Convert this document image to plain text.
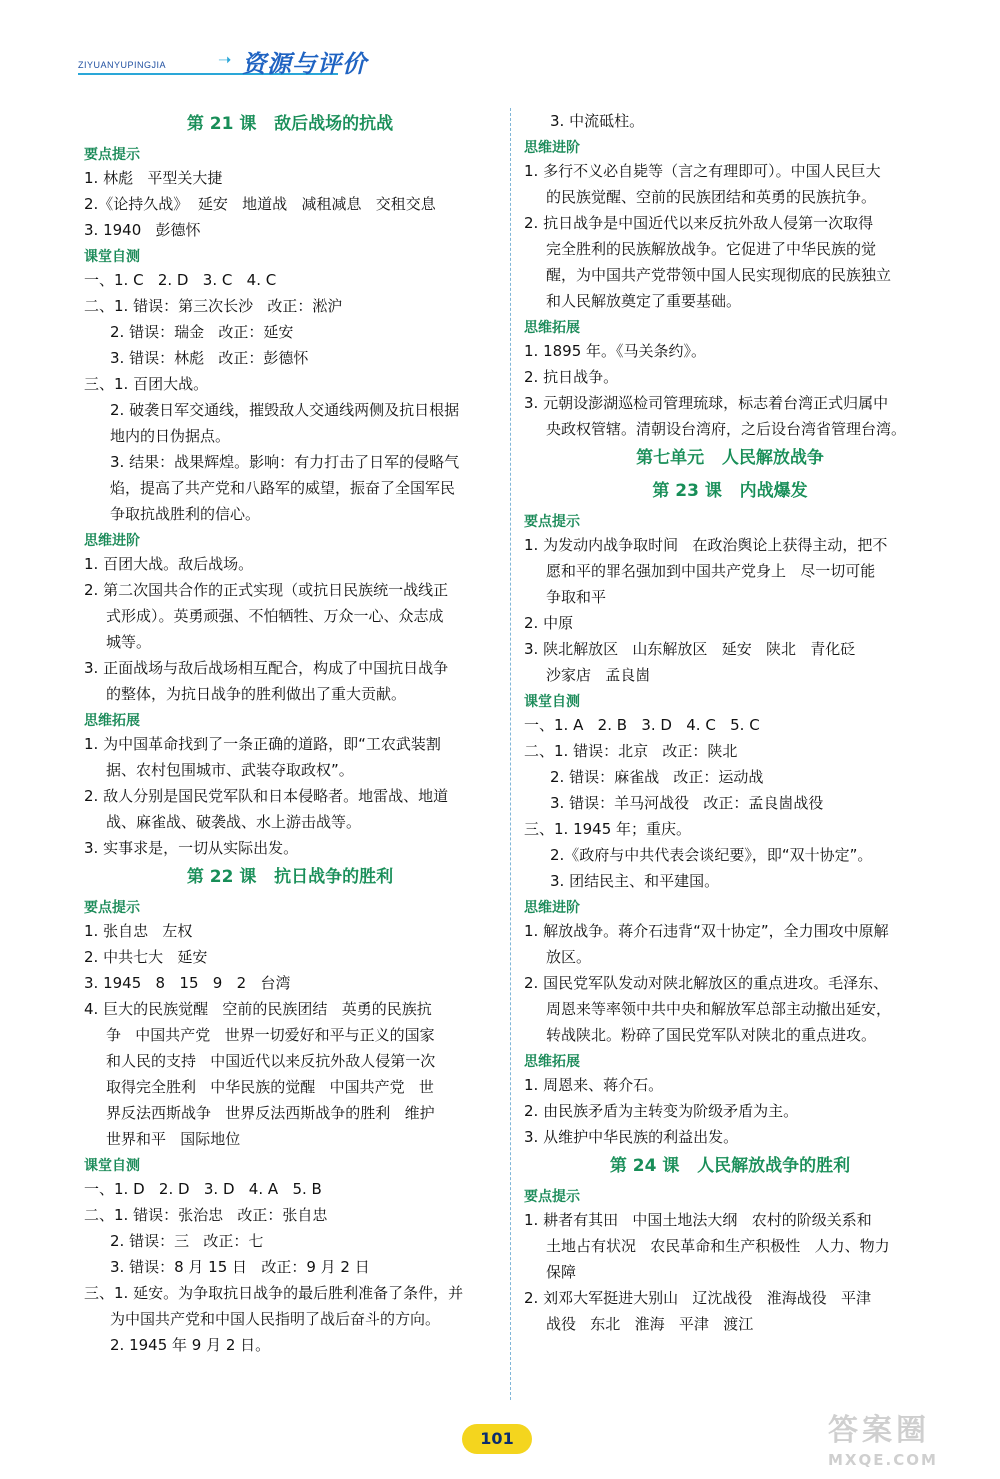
ZIYUANYUPINGJIA	➝ 资源与评价
第 21 课   敌后战场的抗战
要点提示
1. 林彪   平型关大捷
2.《论持久战》  延安   地道战   减租减息   交租交息
3. 1940   彭德怀
课堂自测
一、1. C   2. D   3. C   4. C
二、1. 错误：第三次长沙   改正：淞沪
2. 错误：瑞金   改正：延安
3. 错误：林彪   改正：彭德怀
三、1. 百团大战。
2. 破袭日军交通线，摧毁敌人交通线两侧及抗日根据
地内的日伪据点。
3. 结果：战果辉煌。影响：有力打击了日军的侵略气
焰，提高了共产党和八路军的威望，振奋了全国军民
争取抗战胜利的信心。
思维进阶
1. 百团大战。敌后战场。
2. 第二次国共合作的正式实现（或抗日民族统一战线正
式形成）。英勇顽强、不怕牺牲、万众一心、众志成
城等。
3. 正面战场与敌后战场相互配合，构成了中国抗日战争
的整体，为抗日战争的胜利做出了重大贡献。
思维拓展
1. 为中国革命找到了一条正确的道路，即“工农武装割
据、农村包围城市、武装夺取政权”。
2. 敌人分别是国民党军队和日本侵略者。地雷战、地道
战、麻雀战、破袭战、水上游击战等。
3. 实事求是，一切从实际出发。
第 22 课   抗日战争的胜利
要点提示
1. 张自忠   左权
2. 中共七大   延安
3. 1945   8   15   9   2   台湾
4. 巨大的民族觉醒   空前的民族团结   英勇的民族抗
争   中国共产党   世界一切爱好和平与正义的国家
和人民的支持   中国近代以来反抗外敌人侵第一次
取得完全胜利   中华民族的觉醒   中国共产党   世
界反法西斯战争   世界反法西斯战争的胜利   维护
世界和平   国际地位
课堂自测
一、1. D   2. D   3. D   4. A   5. B
二、1. 错误：张治忠   改正：张自忠
2. 错误：三   改正：七
3. 错误：8 月 15 日   改正：9 月 2 日
三、1. 延安。为争取抗日战争的最后胜利准备了条件，并
为中国共产党和中国人民指明了战后奋斗的方向。
2. 1945 年 9 月 2 日。
3. 中流砥柱。
思维进阶
1. 多行不义必自毙等（言之有理即可）。中国人民巨大
的民族觉醒、空前的民族团结和英勇的民族抗争。
2. 抗日战争是中国近代以来反抗外敌人侵第一次取得
完全胜利的民族解放战争。它促进了中华民族的觉
醒，为中国共产党带领中国人民实现彻底的民族独立
和人民解放奠定了重要基础。
思维拓展
1. 1895 年。《马关条约》。
2. 抗日战争。
3. 元朝设澎湖巡检司管理琉球，标志着台湾正式归属中
央政权管辖。清朝设台湾府，之后设台湾省管理台湾。
第七单元   人民解放战争
第 23 课   内战爆发
要点提示
1. 为发动内战争取时间   在政治舆论上获得主动，把不
愿和平的罪名强加到中国共产党身上   尽一切可能
争取和平
2. 中原
3. 陕北解放区   山东解放区   延安   陕北   青化砭
沙家店   孟良崮
课堂自测
一、1. A   2. B   3. D   4. C   5. C
二、1. 错误：北京   改正：陕北
2. 错误：麻雀战   改正：运动战
3. 错误：羊马河战役   改正：孟良崮战役
三、1. 1945 年；重庆。
2.《政府与中共代表会谈纪要》，即“双十协定”。
3. 团结民主、和平建国。
思维进阶
1. 解放战争。蒋介石违背“双十协定”，全力围攻中原解
放区。
2. 国民党军队发动对陕北解放区的重点进攻。毛泽东、
周恩来等率领中共中央和解放军总部主动撤出延安，
转战陕北。粉碎了国民党军队对陕北的重点进攻。
思维拓展
1. 周恩来、蒋介石。
2. 由民族矛盾为主转变为阶级矛盾为主。
3. 从维护中华民族的利益出发。
第 24 课   人民解放战争的胜利
要点提示
1. 耕者有其田   中国土地法大纲   农村的阶级关系和
土地占有状况   农民革命和生产积极性   人力、物力
保障
2. 刘邓大军挺进大别山   辽沈战役   淮海战役   平津
战役   东北   淮海   平津   渡江
101	答案圈
MXQE.COM
